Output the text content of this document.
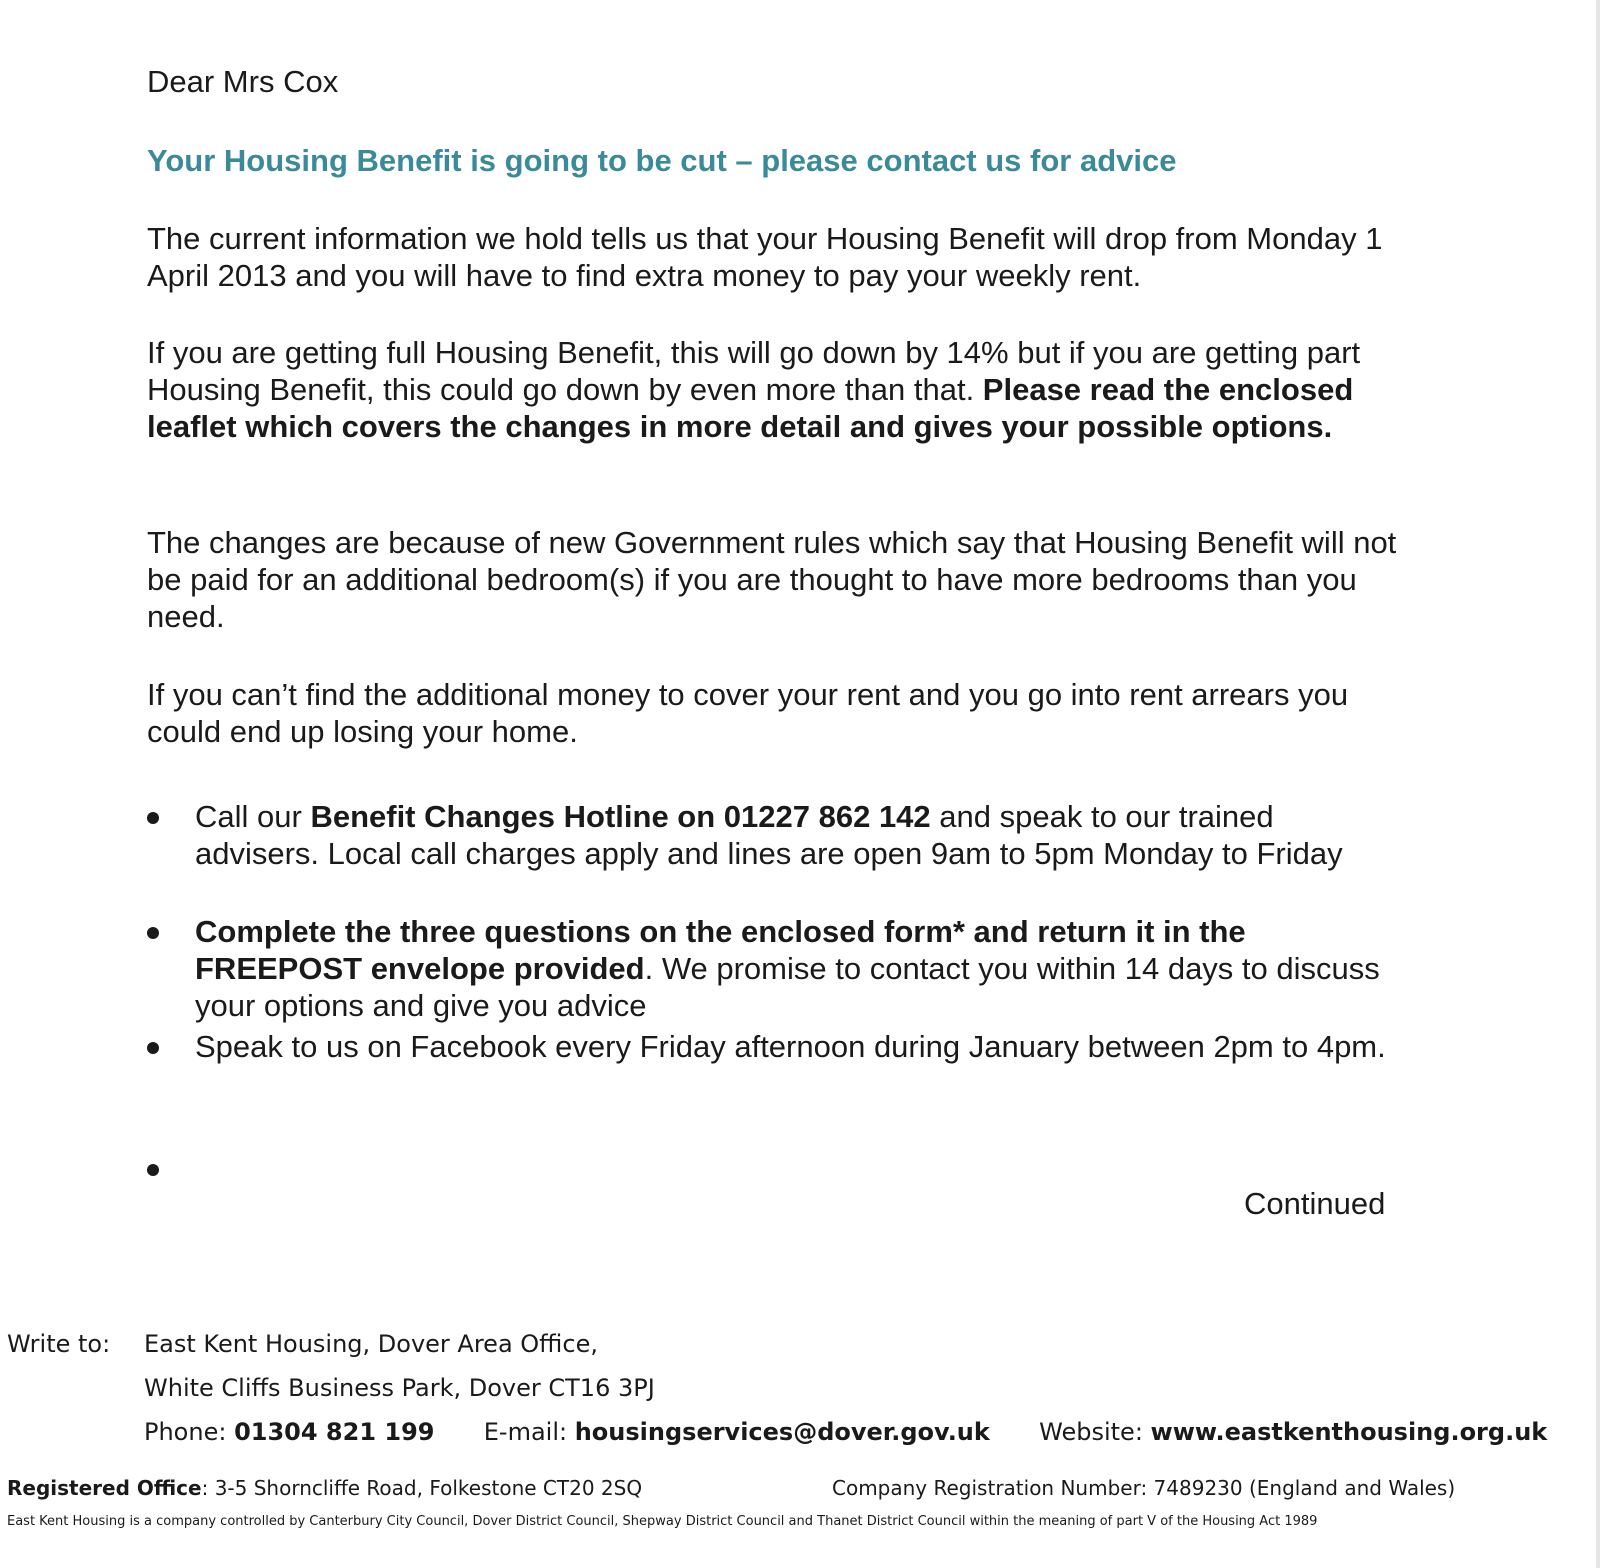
Dear Mrs Cox
Your Housing Benefit is going to be cut – please contact us for advice
The current information we hold tells us that your Housing Benefit will drop from Monday 1 April 2013 and you will have to find extra money to pay your weekly rent.
If you are getting full Housing Benefit, this will go down by 14% but if you are getting part Housing Benefit, this could go down by even more than that. Please read the enclosed leaflet which covers the changes in more detail and gives your possible options.
The changes are because of new Government rules which say that Housing Benefit will not be paid for an additional bedroom(s) if you are thought to have more bedrooms than you need.
If you can’t find the additional money to cover your rent and you go into rent arrears you could end up losing your home.
Call our Benefit Changes Hotline on 01227 862 142 and speak to our trained advisers. Local call charges apply and lines are open 9am to 5pm Monday to Friday
Complete the three questions on the enclosed form* and return it in the FREEPOST envelope provided. We promise to contact you within 14 days to discuss your options and give you advice
Speak to us on Facebook every Friday afternoon during January between 2pm to 4pm.
Continued
Write to: East Kent Housing, Dover Area Office,
White Cliffs Business Park, Dover CT16 3PJ
Phone: 01304 821 199 E-mail: housingservices@dover.gov.uk Website: www.eastkenthousing.org.uk
Registered Office: 3-5 Shorncliffe Road, Folkestone CT20 2SQ	Company Registration Number: 7489230 (England and Wales)
East Kent Housing is a company controlled by Canterbury City Council, Dover District Council, Shepway District Council and Thanet District Council within the meaning of part V of the Housing Act 1989
